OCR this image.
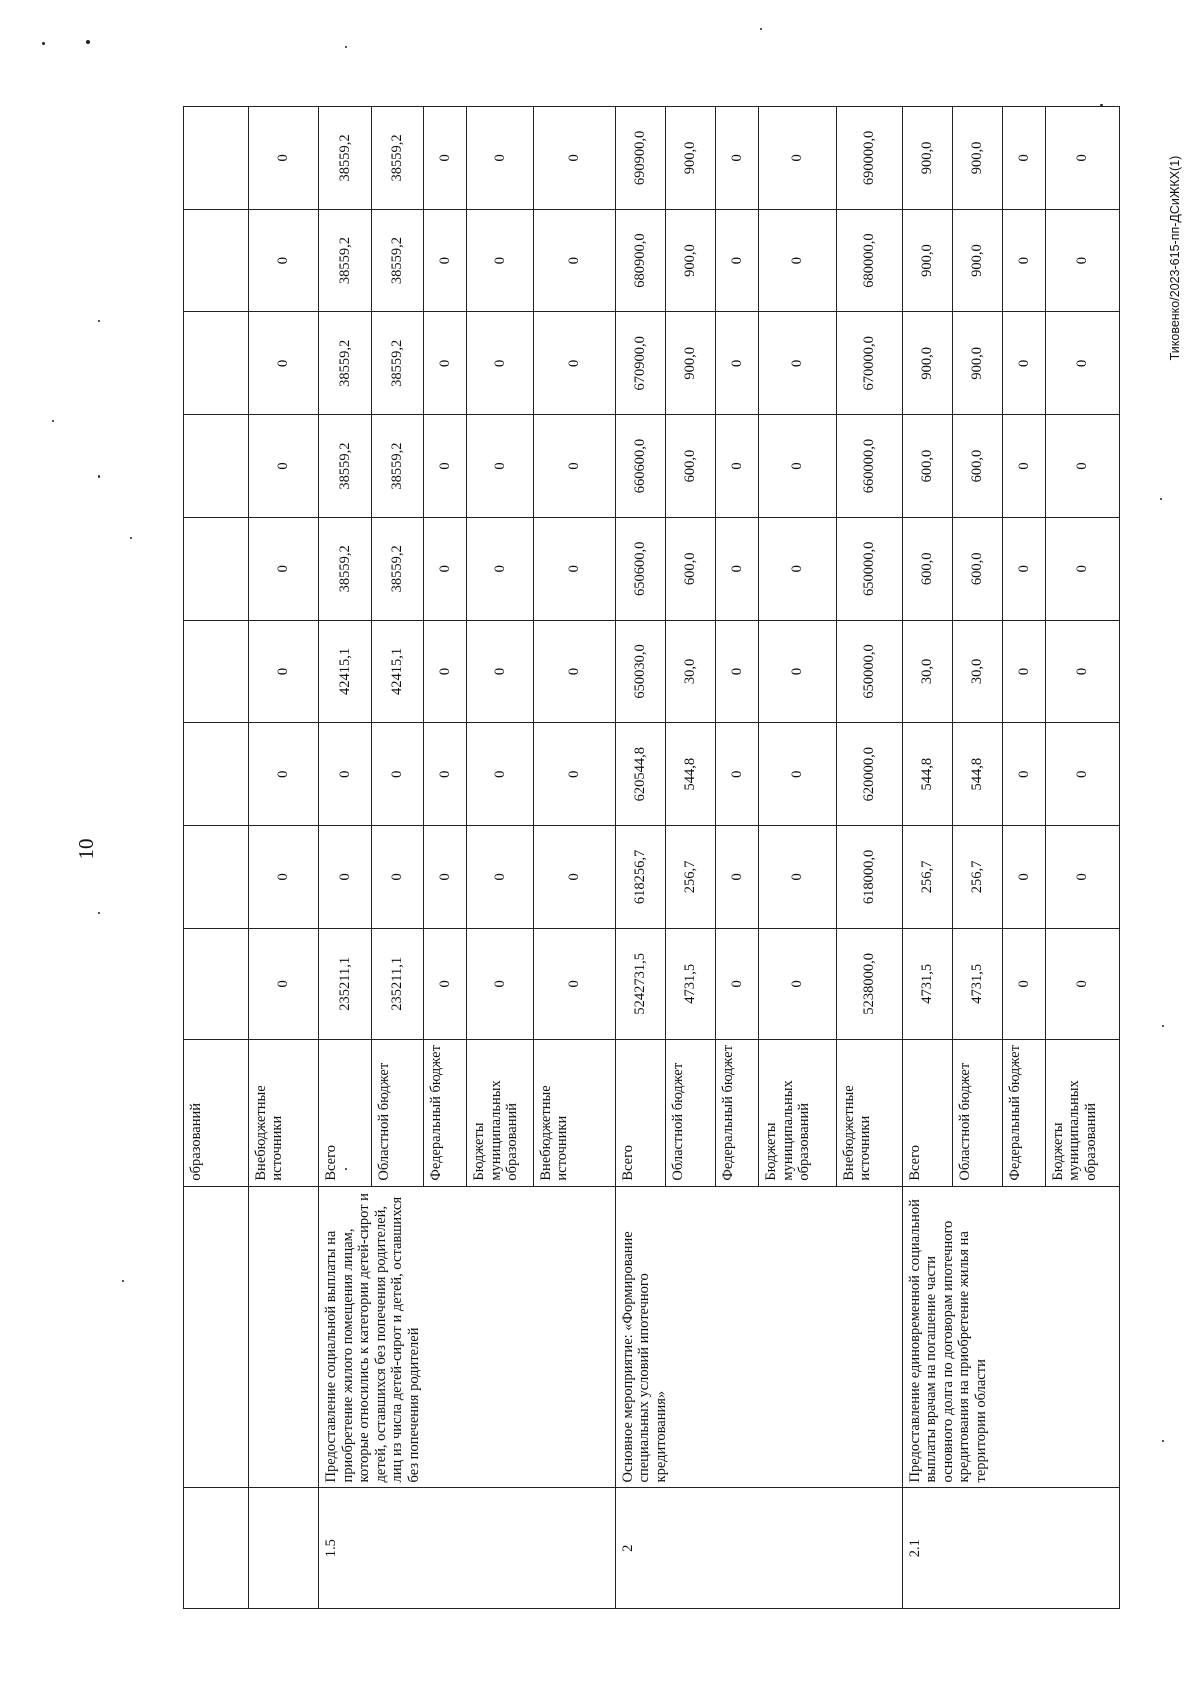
10
Тиковенко/2023-615-пп-ДСиЖКХ(1)
		образований									
		Внебюджетные источники	0	0	0	0	0	0	0	0	0
1.5	Предоставление социальной выплаты на приобретение жилого помещения лицам, которые относились к категории детей-сирот и детей, оставшихся без попечения родителей, лиц из числа детей-сирот и детей, оставшихся без попечения родителей	Всего	235211,1	0	0	42415,1	38559,2	38559,2	38559,2	38559,2	38559,2
		Областной бюджет	235211,1	0	0	42415,1	38559,2	38559,2	38559,2	38559,2	38559,2
		Федеральный бюджет	0	0	0	0	0	0	0	0	0
		Бюджеты муниципальных образований	0	0	0	0	0	0	0	0	0
		Внебюджетные источники	0	0	0	0	0	0	0	0	0
2	Основное мероприятие: «Формирование специальных условий ипотечного кредитования»	Всего	5242731,5	618256,7	620544,8	650030,0	650600,0	660600,0	670900,0	680900,0	690900,0
		Областной бюджет	4731,5	256,7	544,8	30,0	600,0	600,0	900,0	900,0	900,0
		Федеральный бюджет	0	0	0	0	0	0	0	0	0
		Бюджеты муниципальных образований	0	0	0	0	0	0	0	0	0
		Внебюджетные источники	5238000,0	618000,0	620000,0	650000,0	650000,0	660000,0	670000,0	680000,0	690000,0
2.1	Предоставление единовременной социальной выплаты врачам на погашение части основного долга по договорам ипотечного кредитования на приобретение жилья на территории области	Всего	4731,5	256,7	544,8	30,0	600,0	600,0	900,0	900,0	900,0
		Областной бюджет	4731,5	256,7	544,8	30,0	600,0	600,0	900,0	900,0	900,0
		Федеральный бюджет	0	0	0	0	0	0	0	0	0
		Бюджеты муниципальных образований	0	0	0	0	0	0	0	0	0
